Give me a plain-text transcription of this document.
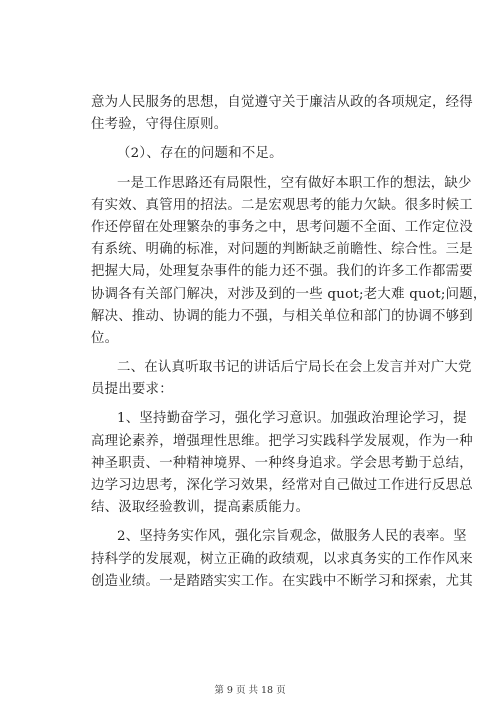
意为人民服务的思想，自觉遵守关于廉洁从政的各项规定，经得
住考验，守得住原则。
（2）、存在的问题和不足。
一是工作思路还有局限性，空有做好本职工作的想法，缺少
有实效、真管用的招法。二是宏观思考的能力欠缺。很多时候工
作还停留在处理繁杂的事务之中，思考问题不全面、工作定位没
有系统、明确的标准，对问题的判断缺乏前瞻性、综合性。三是
把握大局，处理复杂事件的能力还不强。我们的许多工作都需要
协调各有关部门解决，对涉及到的一些 quot;老大难 quot;问题，
解决、推动、协调的能力不强，与相关单位和部门的协调不够到
位。
二、在认真听取书记的讲话后宁局长在会上发言并对广大党
员提出要求：
1、坚持勤奋学习，强化学习意识。加强政治理论学习，提
高理论素养，增强理性思维。把学习实践科学发展观，作为一种
神圣职责、一种精神境界、一种终身追求。学会思考勤于总结，
边学习边思考，深化学习效果，经常对自己做过工作进行反思总
结、汲取经验教训，提高素质能力。
2、坚持务实作风，强化宗旨观念，做服务人民的表率。坚
持科学的发展观，树立正确的政绩观，以求真务实的工作作风来
创造业绩。一是踏踏实实工作。在实践中不断学习和探索，尤其
第 9 页 共 18 页
